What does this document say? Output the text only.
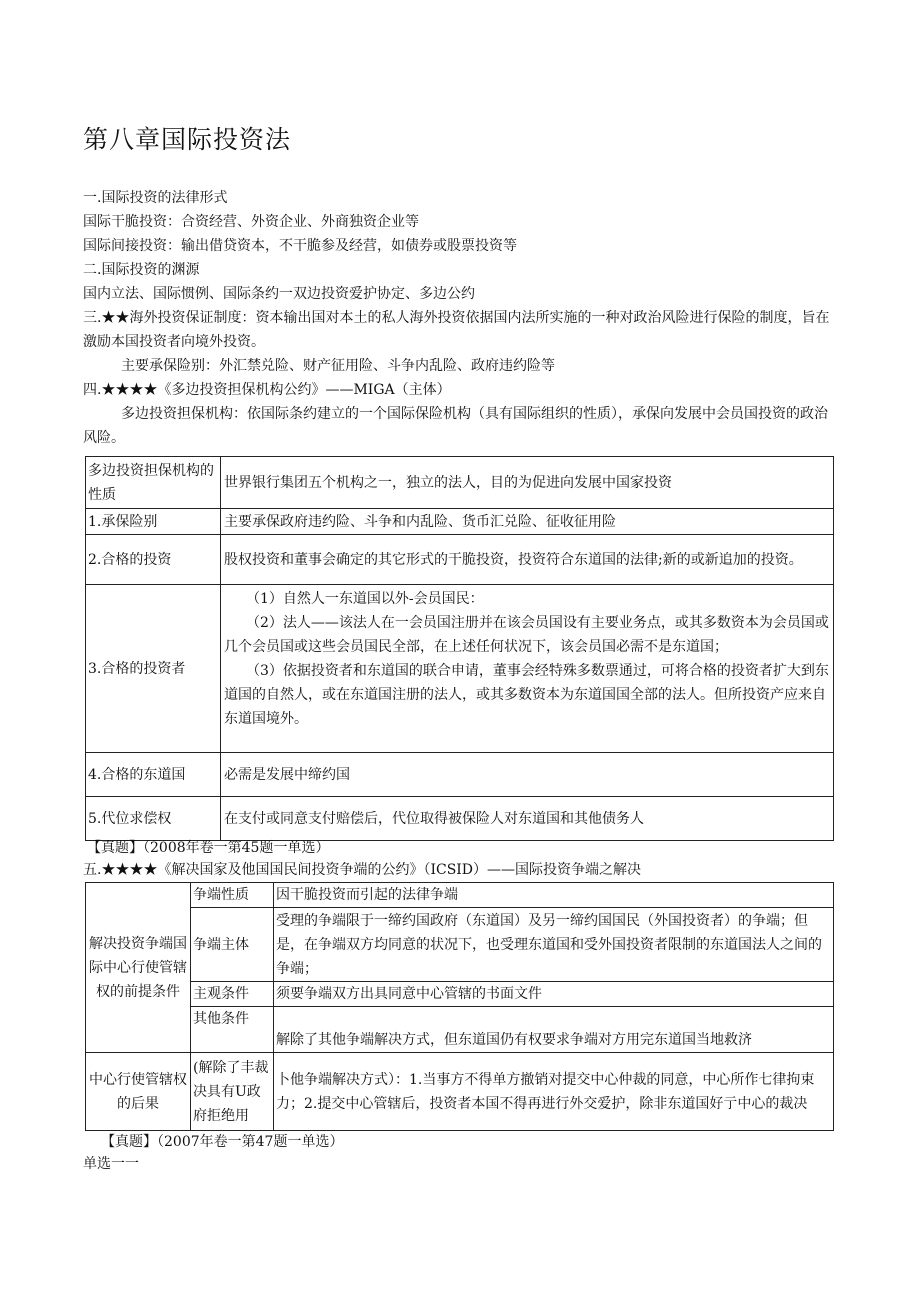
第八章国际投资法
一.国际投资的法律形式
国际干脆投资：合资经营、外资企业、外商独资企业等
国际间接投资：输出借贷资本，不干脆参及经营，如债券或股票投资等
二.国际投资的渊源
国内立法、国际惯例、国际条约一双边投资爱护协定、多边公约
三.★★海外投资保证制度：资本输出国对本土的私人海外投资依据国内法所实施的一种对政治风险进行保险的制度，旨在激励本国投资者向境外投资。
主要承保险别：外汇禁兑险、财产征用险、斗争内乱险、政府违约险等
四.★★★★《多边投资担保机构公约》——MIGA（主体）
多边投资担保机构：依国际条约建立的一个国际保险机构（具有国际组织的性质），承保向发展中会员国投资的政治风险。
多边投资担保机构的性质	世界银行集团五个机构之一，独立的法人，目的为促进向发展中国家投资
1.承保险别	主要承保政府违约险、斗争和内乱险、货币汇兑险、征收征用险
2.合格的投资	股权投资和董事会确定的其它形式的干脆投资，投资符合东道国的法律;新的或新追加的投资。
3.合格的投资者	（1）自然人一东道国以外-会员国民：
（2）法人——该法人在一会员国注册并在该会员国设有主要业务点，或其多数资本为会员国或几个会员国或这些会员国民全部，在上述任何状况下，该会员国必需不是东道国；
（3）依据投资者和东道国的联合申请，董事会经特殊多数票通过，可将合格的投资者扩大到东道国的自然人，或在东道国注册的法人，或其多数资本为东道国国全部的法人。但所投资产应来自东道国境外。

4.合格的东道国	必需是发展中缔约国
5.代位求偿权	在支付或同意支付赔偿后，代位取得被保险人对东道国和其他债务人
【真题】（2008年卷一第45题一单选）
五.★★★★《解决国家及他国国民间投资争端的公约》（ICSID）——国际投资争端之解决
解决投资争端国际中心行使管辖权的前提条件	争端性质	因干脆投资而引起的法律争端
	争端主体	受理的争端限于一缔约国政府（东道国）及另一缔约国国民（外国投资者）的争端；但是，在争端双方均同意的状况下，也受理东道国和受外国投资者限制的东道国法人之间的争端；
	主观条件	须要争端双方出具同意中心管辖的书面文件
	其他条件	解除了其他争端解决方式，但东道国仍有权要求争端对方用完东道国当地救济
中心行使管辖权的后果	(解除了丰裁决具有U政府拒绝用	卜他争端解决方式）：1.当事方不得单方撤销对提交中心仲裁的同意，中心所作七律拘束力；2.提交中心管辖后，投资者本国不得再进行外交爱护，除非东道国好亍中心的裁决
【真题】（2007年卷一第47题一单选）
单选一一
